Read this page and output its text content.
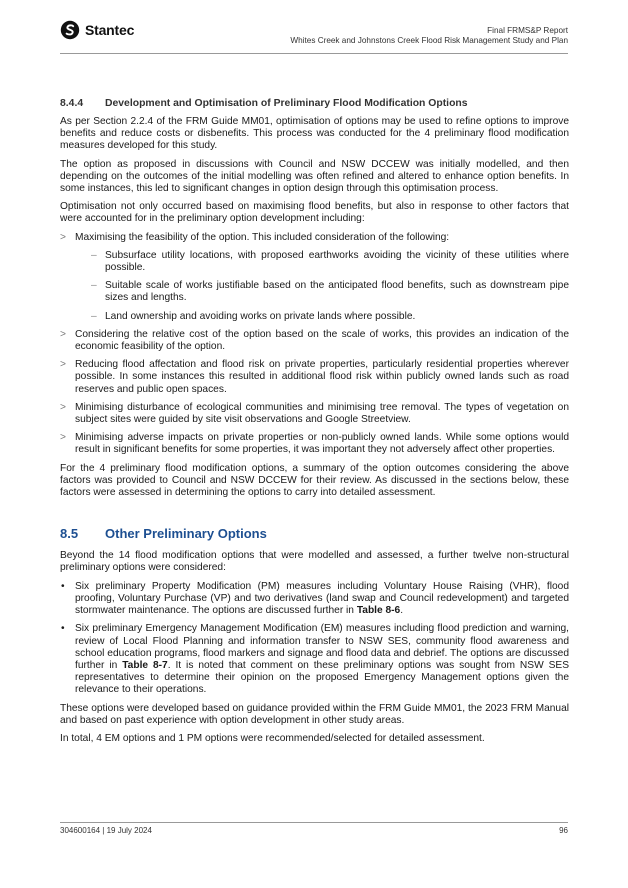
Stantec	Final FRMS&P Report
Whites Creek and Johnstons Creek Flood Risk Management Study and Plan
8.4.4 Development and Optimisation of Preliminary Flood Modification Options

As per Section 2.2.4 of the FRM Guide MM01, optimisation of options may be used to refine options to improve benefits and reduce costs or disbenefits. This process was conducted for the 4 preliminary flood modification measures developed for this study.

The option as proposed in discussions with Council and NSW DCCEW was initially modelled, and then depending on the outcomes of the initial modelling was often refined and altered to enhance option benefits. In some instances, this led to significant changes in option design through this optimisation process.

Optimisation not only occurred based on maximising flood benefits, but also in response to other factors that were accounted for in the preliminary option development including:

> Maximising the feasibility of the option. This included consideration of the following:
– Subsurface utility locations, with proposed earthworks avoiding the vicinity of these utilities where possible.
– Suitable scale of works justifiable based on the anticipated flood benefits, such as downstream pipe sizes and lengths.
– Land ownership and avoiding works on private lands where possible.
> Considering the relative cost of the option based on the scale of works, this provides an indication of the economic feasibility of the option.
> Reducing flood affectation and flood risk on private properties, particularly residential properties wherever possible. In some instances this resulted in additional flood risk within publicly owned lands such as road reserves and public open spaces.
> Minimising disturbance of ecological communities and minimising tree removal. The types of vegetation on subject sites were guided by site visit observations and Google Streetview.
> Minimising adverse impacts on private properties or non-publicly owned lands. While some options would result in significant benefits for some properties, it was important they not adversely affect other properties.

For the 4 preliminary flood modification options, a summary of the option outcomes considering the above factors was provided to Council and NSW DCCEW for their review. As discussed in the sections below, these factors were assessed in determining the options to carry into detailed assessment.

8.5 Other Preliminary Options

Beyond the 14 flood modification options that were modelled and assessed, a further twelve non-structural preliminary options were considered:

• Six preliminary Property Modification (PM) measures including Voluntary House Raising (VHR), flood proofing, Voluntary Purchase (VP) and two derivatives (land swap and Council redevelopment) and targeted stormwater maintenance. The options are discussed further in Table 8-6.
• Six preliminary Emergency Management Modification (EM) measures including flood prediction and warning, review of Local Flood Planning and information transfer to NSW SES, community flood awareness and school education programs, flood markers and signage and flood data and debrief. The options are discussed further in Table 8-7. It is noted that comment on these preliminary options was sought from NSW SES representatives to determine their opinion on the proposed Emergency Management options given the relevance to their operations.

These options were developed based on guidance provided within the FRM Guide MM01, the 2023 FRM Manual and based on past experience with option development in other study areas.

In total, 4 EM options and 1 PM options were recommended/selected for detailed assessment.

304600164 | 19 July 2024	96
